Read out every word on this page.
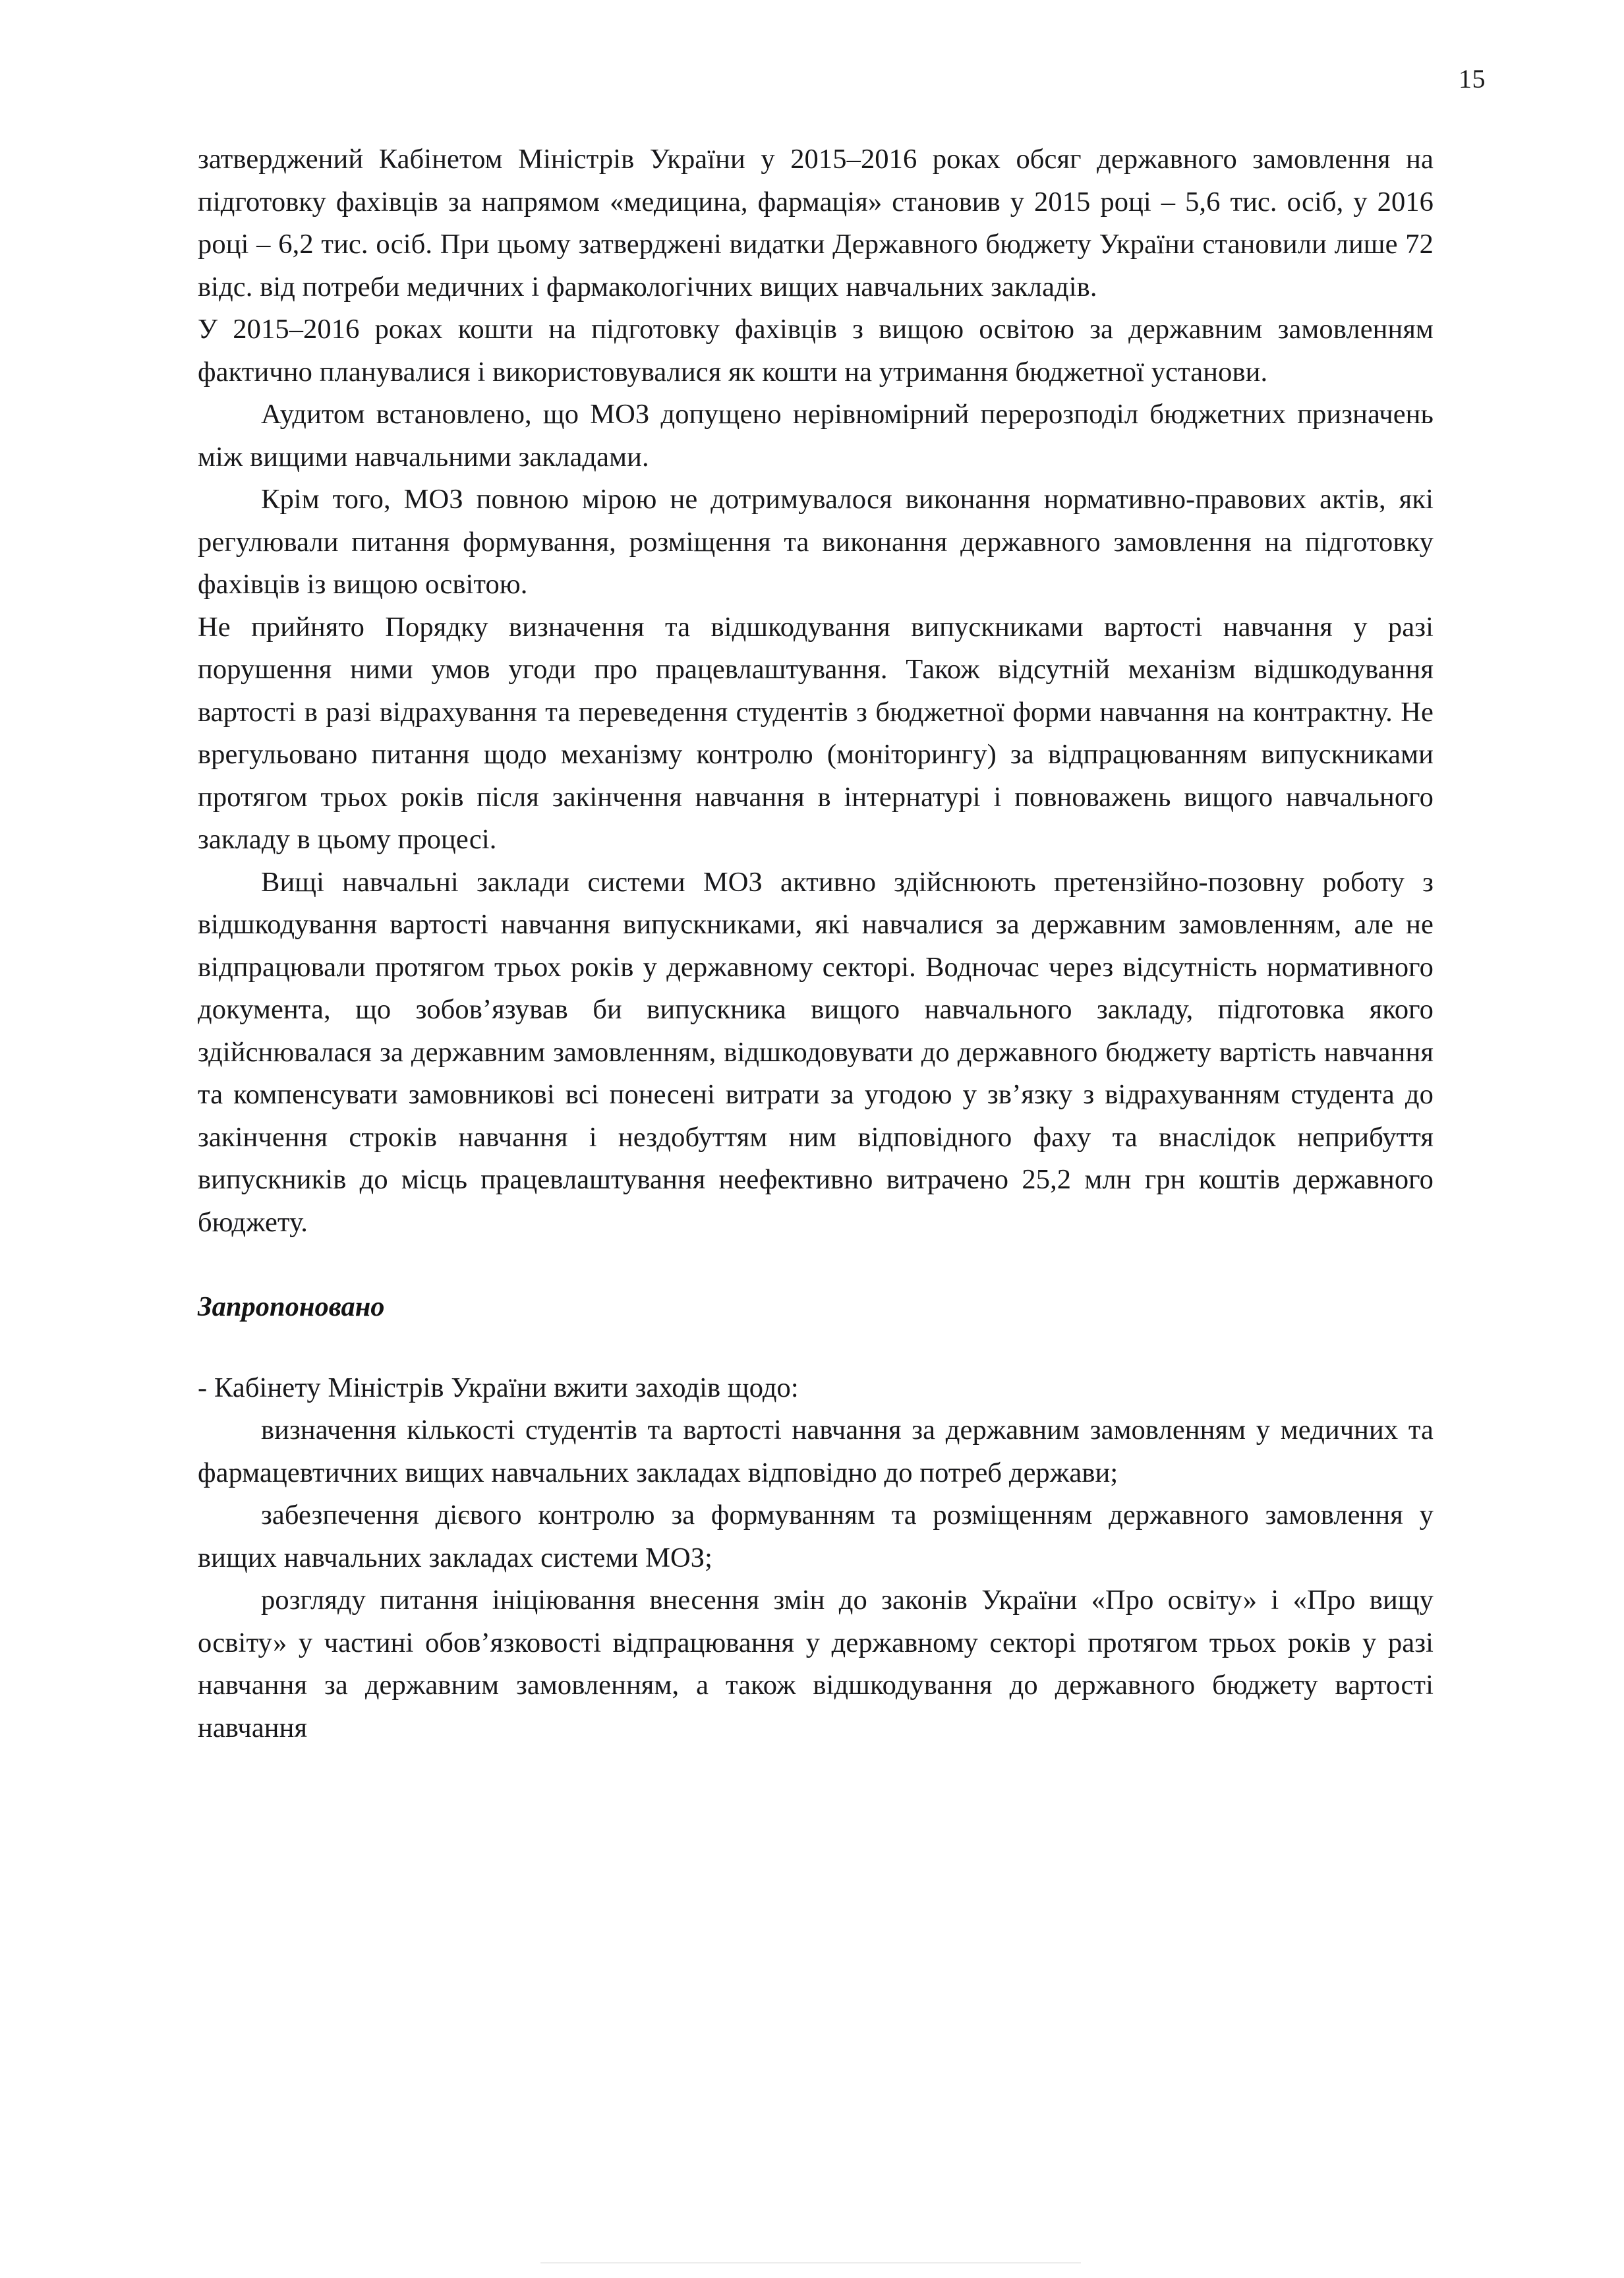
15

затверджений Кабінетом Міністрів України у 2015–2016 роках обсяг державного замовлення на підготовку фахівців за напрямом «медицина, фармація» становив у 2015 році – 5,6 тис. осіб, у 2016 році – 6,2 тис. осіб. При цьому затверджені видатки Державного бюджету України становили лише 72 відс. від потреби медичних і фармакологічних вищих навчальних закладів.

У 2015–2016 роках кошти на підготовку фахівців з вищою освітою за державним замовленням фактично планувалися і використовувалися як кошти на утримання бюджетної установи.

Аудитом встановлено, що МОЗ допущено нерівномірний перерозподіл бюджетних призначень між вищими навчальними закладами.

Крім того, МОЗ повною мірою не дотримувалося виконання нормативно-правових актів, які регулювали питання формування, розміщення та виконання державного замовлення на підготовку фахівців із вищою освітою.

Не прийнято Порядку визначення та відшкодування випускниками вартості навчання у разі порушення ними умов угоди про працевлаштування. Також відсутній механізм відшкодування вартості в разі відрахування та переведення студентів з бюджетної форми навчання на контрактну. Не врегульовано питання щодо механізму контролю (моніторингу) за відпрацюванням випускниками протягом трьох років після закінчення навчання в інтернатурі і повноважень вищого навчального закладу в цьому процесі.

Вищі навчальні заклади системи МОЗ активно здійснюють претензійно-позовну роботу з відшкодування вартості навчання випускниками, які навчалися за державним замовленням, але не відпрацювали протягом трьох років у державному секторі. Водночас через відсутність нормативного документа, що зобов’язував би випускника вищого навчального закладу, підготовка якого здійснювалася за державним замовленням, відшкодовувати до державного бюджету вартість навчання та компенсувати замовникові всі понесені витрати за угодою у зв’язку з відрахуванням студента до закінчення строків навчання і нездобуттям ним відповідного фаху та внаслідок неприбуття випускників до місць працевлаштування неефективно витрачено 25,2 млн грн коштів державного бюджету.

Запропоновано

- Кабінету Міністрів України вжити заходів щодо:

визначення кількості студентів та вартості навчання за державним замовленням у медичних та фармацевтичних вищих навчальних закладах відповідно до потреб держави;

забезпечення дієвого контролю за формуванням та розміщенням державного замовлення у вищих навчальних закладах системи МОЗ;

розгляду питання ініціювання внесення змін до законів України «Про освіту» і «Про вищу освіту» у частині обов’язковості відпрацювання у державному секторі протягом трьох років у разі навчання за державним замовленням, а також відшкодування до державного бюджету вартості навчання
